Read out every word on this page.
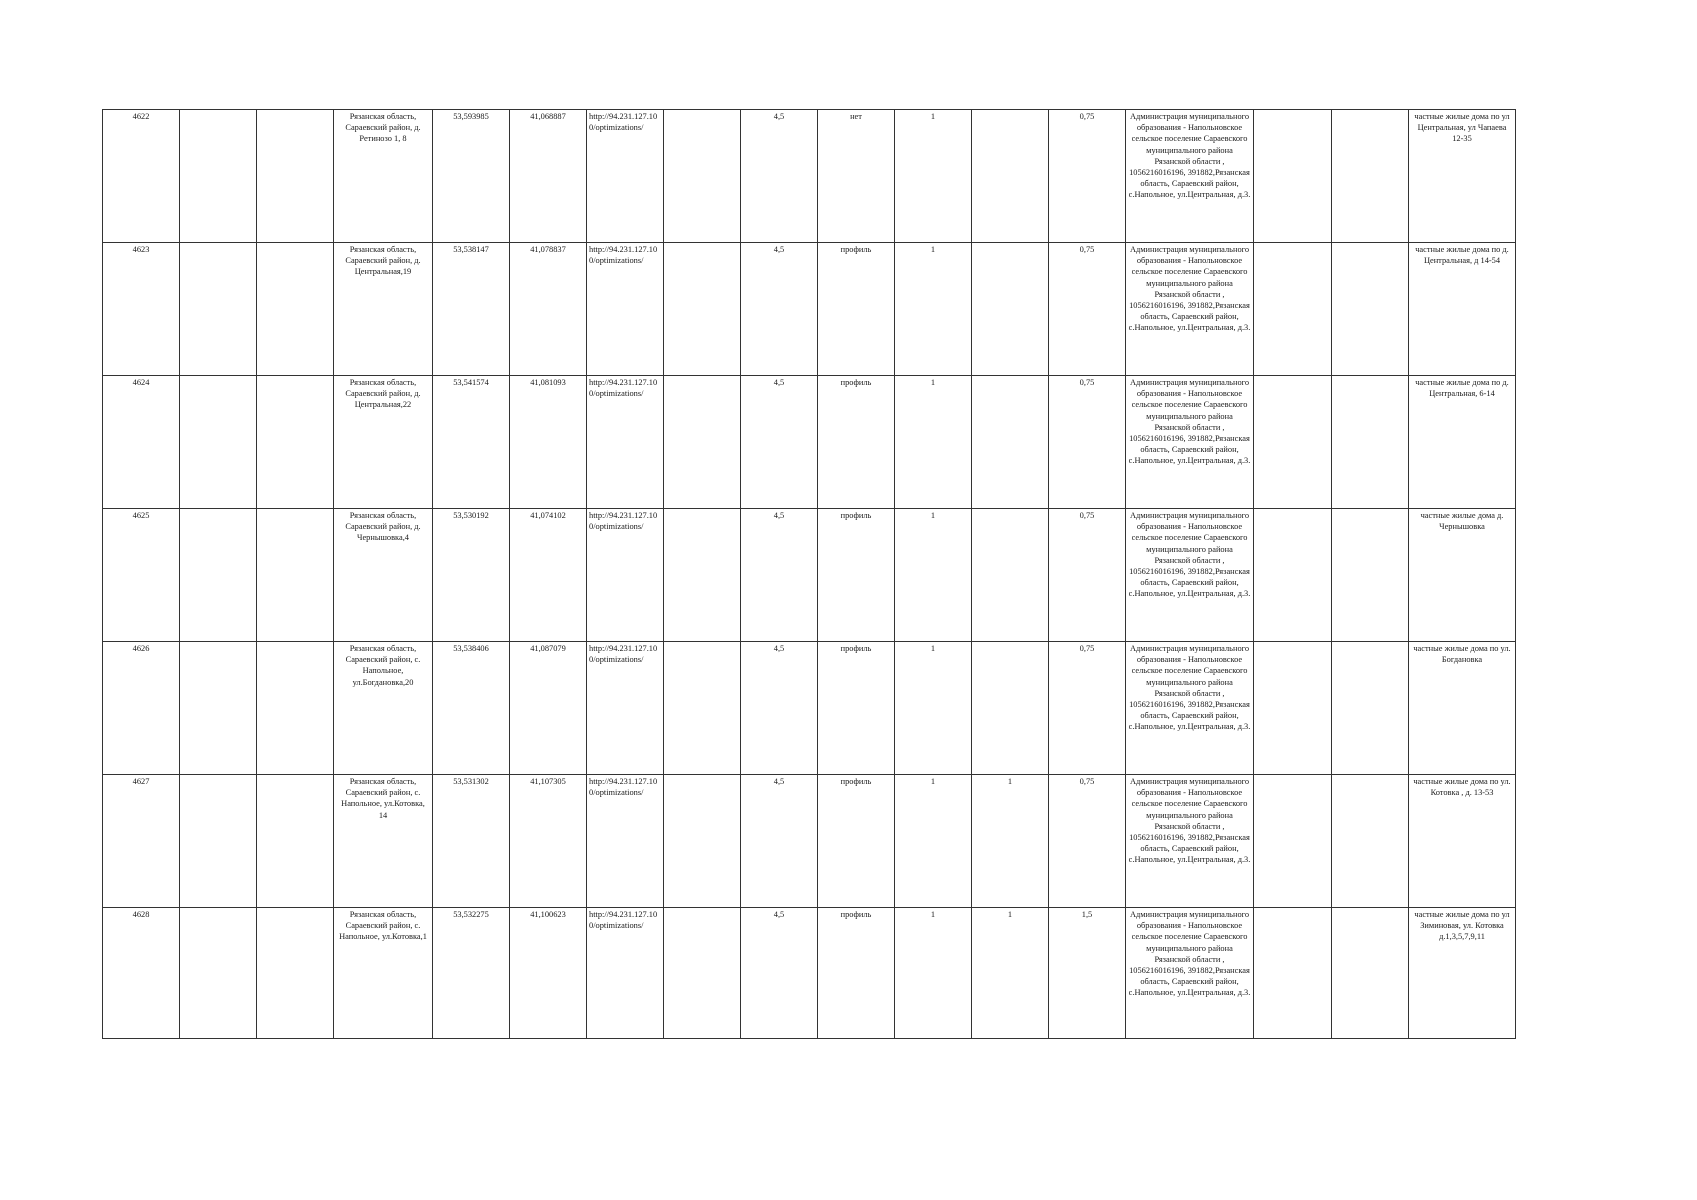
4622			Рязанская область, Сараевский район, д. Ретинозо 1, 8	53,593985	41,068887	http://94.231.127.100/optimizations/		4,5	нет	1		0,75	Администрация муниципального образования - Напольновское сельское поселение Сараевского муниципального района Рязанской области , 1056216016196, 391882,Рязанская область, Сараевский район, с.Напольное, ул.Центральная, д.3.			частные жилые дома по ул Центральная, ул Чапаева 12-35
4623			Рязанская область, Сараевский район, д. Центральная,19	53,538147	41,078837	http://94.231.127.100/optimizations/		4,5	профиль	1		0,75	Администрация муниципального образования - Напольновское сельское поселение Сараевского муниципального района Рязанской области , 1056216016196, 391882,Рязанская область, Сараевский район, с.Напольное, ул.Центральная, д.3.			частные жилые дома по д. Центральная, д 14-54
4624			Рязанская область, Сараевский район, д. Центральная,22	53,541574	41,081093	http://94.231.127.100/optimizations/		4,5	профиль	1		0,75	Администрация муниципального образования - Напольновское сельское поселение Сараевского муниципального района Рязанской области , 1056216016196, 391882,Рязанская область, Сараевский район, с.Напольное, ул.Центральная, д.3.			частные жилые дома по д. Центральная, 6-14
4625			Рязанская область, Сараевский район, д. Чернышовка,4	53,530192	41,074102	http://94.231.127.100/optimizations/		4,5	профиль	1		0,75	Администрация муниципального образования - Напольновское сельское поселение Сараевского муниципального района Рязанской области , 1056216016196, 391882,Рязанская область, Сараевский район, с.Напольное, ул.Центральная, д.3.			частные жилые дома д. Чернышовка
4626			Рязанская область, Сараевский район, с. Напольное, ул.Богдановка,20	53,538406	41,087079	http://94.231.127.100/optimizations/		4,5	профиль	1		0,75	Администрация муниципального образования - Напольновское сельское поселение Сараевского муниципального района Рязанской области , 1056216016196, 391882,Рязанская область, Сараевский район, с.Напольное, ул.Центральная, д.3.			частные жилые дома по ул. Богдановка
4627			Рязанская область, Сараевский район, с. Напольное, ул.Котовка, 14	53,531302	41,107305	http://94.231.127.100/optimizations/		4,5	профиль	1	1	0,75	Администрация муниципального образования - Напольновское сельское поселение Сараевского муниципального района Рязанской области , 1056216016196, 391882,Рязанская область, Сараевский район, с.Напольное, ул.Центральная, д.3.			частные жилые дома по ул. Котовка , д. 13-53
4628			Рязанская область, Сараевский район, с. Напольное, ул.Котовка,1	53,532275	41,100623	http://94.231.127.100/optimizations/		4,5	профиль	1	1	1,5	Администрация муниципального образования - Напольновское сельское поселение Сараевского муниципального района Рязанской области , 1056216016196, 391882,Рязанская область, Сараевский район, с.Напольное, ул.Центральная, д.3.			частные жилые дома по ул Зиминовая, ул. Котовка д.1,3,5,7,9,11
